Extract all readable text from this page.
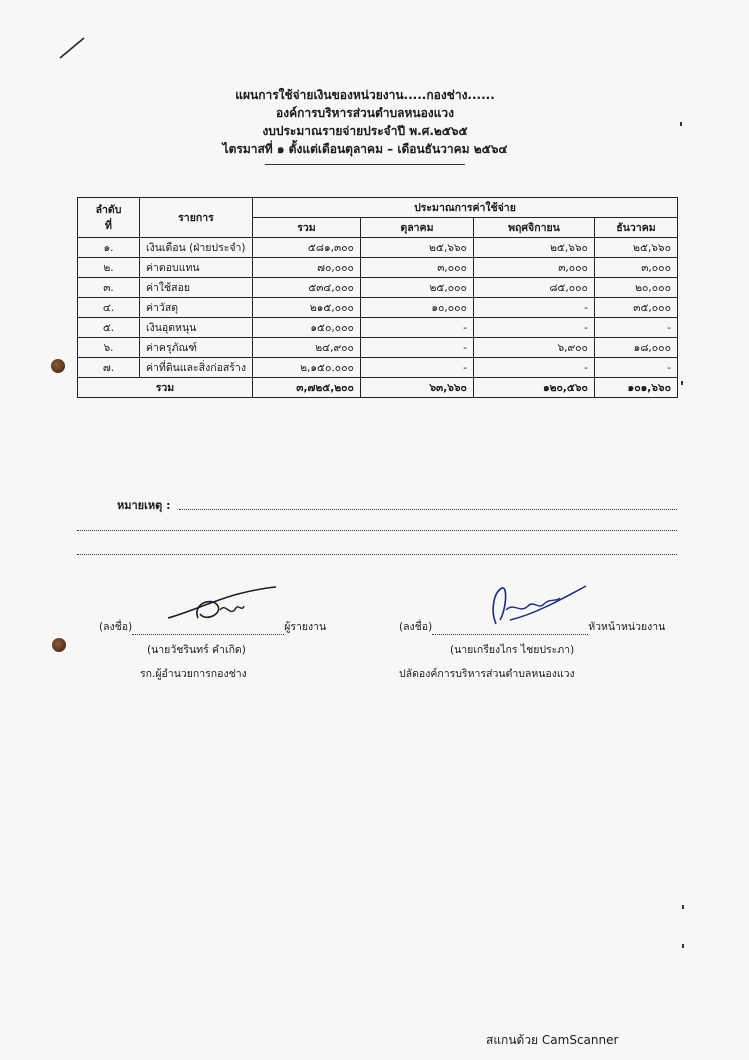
แผนการใช้จ่ายเงินของหน่วยงาน.....กองช่าง......
องค์การบริหารส่วนตำบลหนองแวง
งบประมาณรายจ่ายประจำปี พ.ศ.๒๕๖๕
ไตรมาสที่ ๑ ตั้งแต่เดือนตุลาคม – เดือนธันวาคม ๒๕๖๔
ลำดับ
ที่	รายการ	ประมาณการค่าใช้จ่าย			
		รวม	ตุลาคม	พฤศจิกายน	ธันวาคม
๑.	เงินเดือน (ฝ่ายประจำ)	๕๘๑,๓๐๐	๒๕,๖๖๐	๒๕,๖๖๐	๒๕,๖๖๐
๒.	ค่าตอบแทน	๗๐,๐๐๐	๓,๐๐๐	๓,๐๐๐	๓,๐๐๐
๓.	ค่าใช้สอย	๕๓๔,๐๐๐	๒๕,๐๐๐	๘๕,๐๐๐	๒๐,๐๐๐
๔.	ค่าวัสดุ	๒๑๕,๐๐๐	๑๐,๐๐๐	-	๓๕,๐๐๐
๕.	เงินอุดหนุน	๑๕๐,๐๐๐	-	-	-
๖.	ค่าครุภัณฑ์	๒๔,๙๐๐	-	๖,๙๐๐	๑๘,๐๐๐
๗.	ค่าที่ดินและสิ่งก่อสร้าง	๒,๑๕๐.๐๐๐	-	-	-
รวม		๓,๗๒๕,๒๐๐	๖๓,๖๖๐	๑๒๐,๕๖๐	๑๐๑,๖๖๐
หมายเหตุ :
(ลงชื่อ)	ผู้รายงาน
(นายวัชรินทร์ คำเกิด)
รก.ผู้อำนวยการกองช่าง
(ลงชื่อ)	หัวหน้าหน่วยงาน
(นายเกรียงไกร ไชยประภา)
ปลัดองค์การบริหารส่วนตำบลหนองแวง
สแกนด้วย CamScanner
